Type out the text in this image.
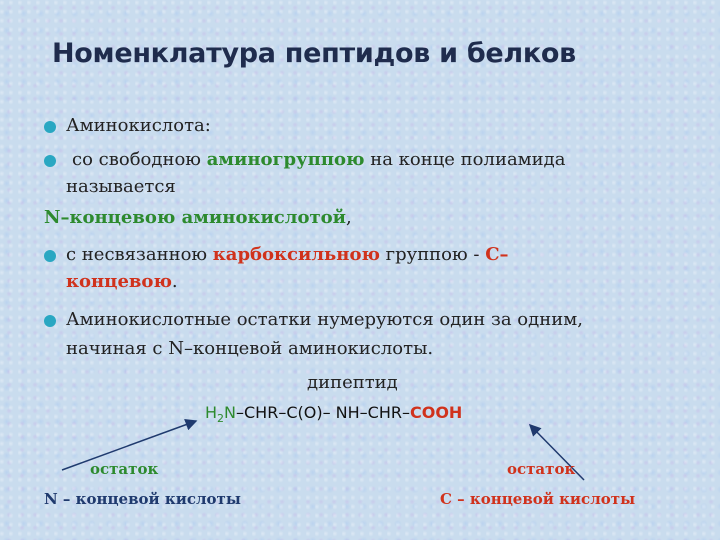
Номенклатура пептидов и белков
Аминокислота:
со свободною аминогруппою на конце полиамида
называется
N–концевою аминокислотой,
с несвязанною карбоксильною группою - С–
концевою.
Аминокислотные остатки нумеруются один за одним,
начиная с N–концевой аминокислоты.
дипептид
$H_2N-CHR-C(O)-$ NH–CHR–COOH
остаток
N – концевой кислоты
остаток
С – концевой кислоты
